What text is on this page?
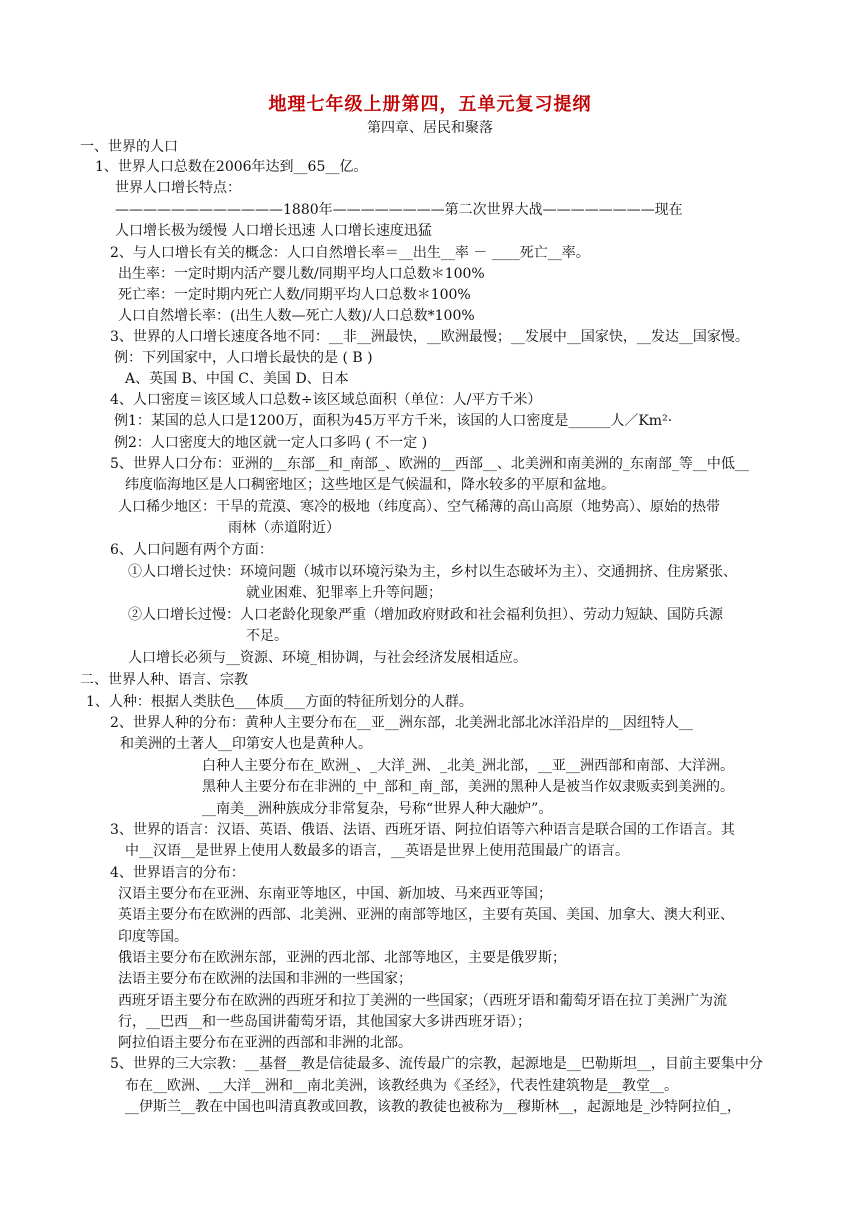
地理七年级上册第四，五单元复习提纲
第四章、居民和聚落
一、世界的人口
1、世界人口总数在2006年达到__65__亿。
世界人口增长特点：
————————————1880年————————第二次世界大战————————现在
人口增长极为缓慢 人口增长迅速 人口增长速度迅猛
2、与人口增长有关的概念：人口自然增长率＝__出生__率 － ____死亡__率。
出生率：一定时期内活产婴儿数/同期平均人口总数＊100%
死亡率：一定时期内死亡人数/同期平均人口总数＊100%
人口自然增长率：(出生人数—死亡人数)/人口总数*100%
3、世界的人口增长速度各地不同：__非__洲最快，__欧洲最慢；__发展中__国家快，__发达__国家慢。
例：下列国家中，人口增长最快的是 ( B )
A、英国 B、中国 C、美国 D、日本
4、人口密度＝该区域人口总数÷该区域总面积（单位：人/平方千米）
例1：某国的总人口是1200万，面积为45万平方千米，该国的人口密度是______人／Km²·
例2：人口密度大的地区就一定人口多吗 ( 不一定 )
5、世界人口分布：亚洲的__东部__和_南部_、欧洲的__西部__、北美洲和南美洲的_东南部_等__中低__
纬度临海地区是人口稠密地区；这些地区是气候温和，降水较多的平原和盆地。
人口稀少地区：干旱的荒漠、寒冷的极地（纬度高）、空气稀薄的高山高原（地势高）、原始的热带
雨林（赤道附近）
6、人口问题有两个方面：
①人口增长过快：环境问题（城市以环境污染为主，乡村以生态破坏为主）、交通拥挤、住房紧张、
就业困难、犯罪率上升等问题；
②人口增长过慢：人口老龄化现象严重（增加政府财政和社会福利负担）、劳动力短缺、国防兵源
不足。
人口增长必须与__资源、环境_相协调，与社会经济发展相适应。
二、世界人种、语言、宗教
1、人种：根据人类肤色___体质___方面的特征所划分的人群。
2、世界人种的分布：黄种人主要分布在__亚__洲东部，北美洲北部北冰洋沿岸的__因纽特人__
和美洲的土著人__印第安人也是黄种人。
白种人主要分布在_欧洲_、_大洋_洲、_北美_洲北部，__亚__洲西部和南部、大洋洲。
黑种人主要分布在非洲的_中_部和_南_部，美洲的黑种人是被当作奴隶贩卖到美洲的。
__南美__洲种族成分非常复杂，号称“世界人种大融炉”。
3、世界的语言：汉语、英语、俄语、法语、西班牙语、阿拉伯语等六种语言是联合国的工作语言。其
中__汉语__是世界上使用人数最多的语言，__英语是世界上使用范围最广的语言。
4、世界语言的分布：
汉语主要分布在亚洲、东南亚等地区，中国、新加坡、马来西亚等国；
英语主要分布在欧洲的西部、北美洲、亚洲的南部等地区，主要有英国、美国、加拿大、澳大利亚、
印度等国。
俄语主要分布在欧洲东部，亚洲的西北部、北部等地区，主要是俄罗斯；
法语主要分布在欧洲的法国和非洲的一些国家；
西班牙语主要分布在欧洲的西班牙和拉丁美洲的一些国家；（西班牙语和葡萄牙语在拉丁美洲广为流
行，__巴西__和一些岛国讲葡萄牙语，其他国家大多讲西班牙语）；
阿拉伯语主要分布在亚洲的西部和非洲的北部。
5、世界的三大宗教：__基督__教是信徒最多、流传最广的宗教，起源地是__巴勒斯坦__，目前主要集中分
布在__欧洲、__大洋__洲和__南北美洲，该教经典为《圣经》，代表性建筑物是__教堂__。
__伊斯兰__教在中国也叫清真教或回教，该教的教徒也被称为__穆斯林__，起源地是_沙特阿拉伯_，
